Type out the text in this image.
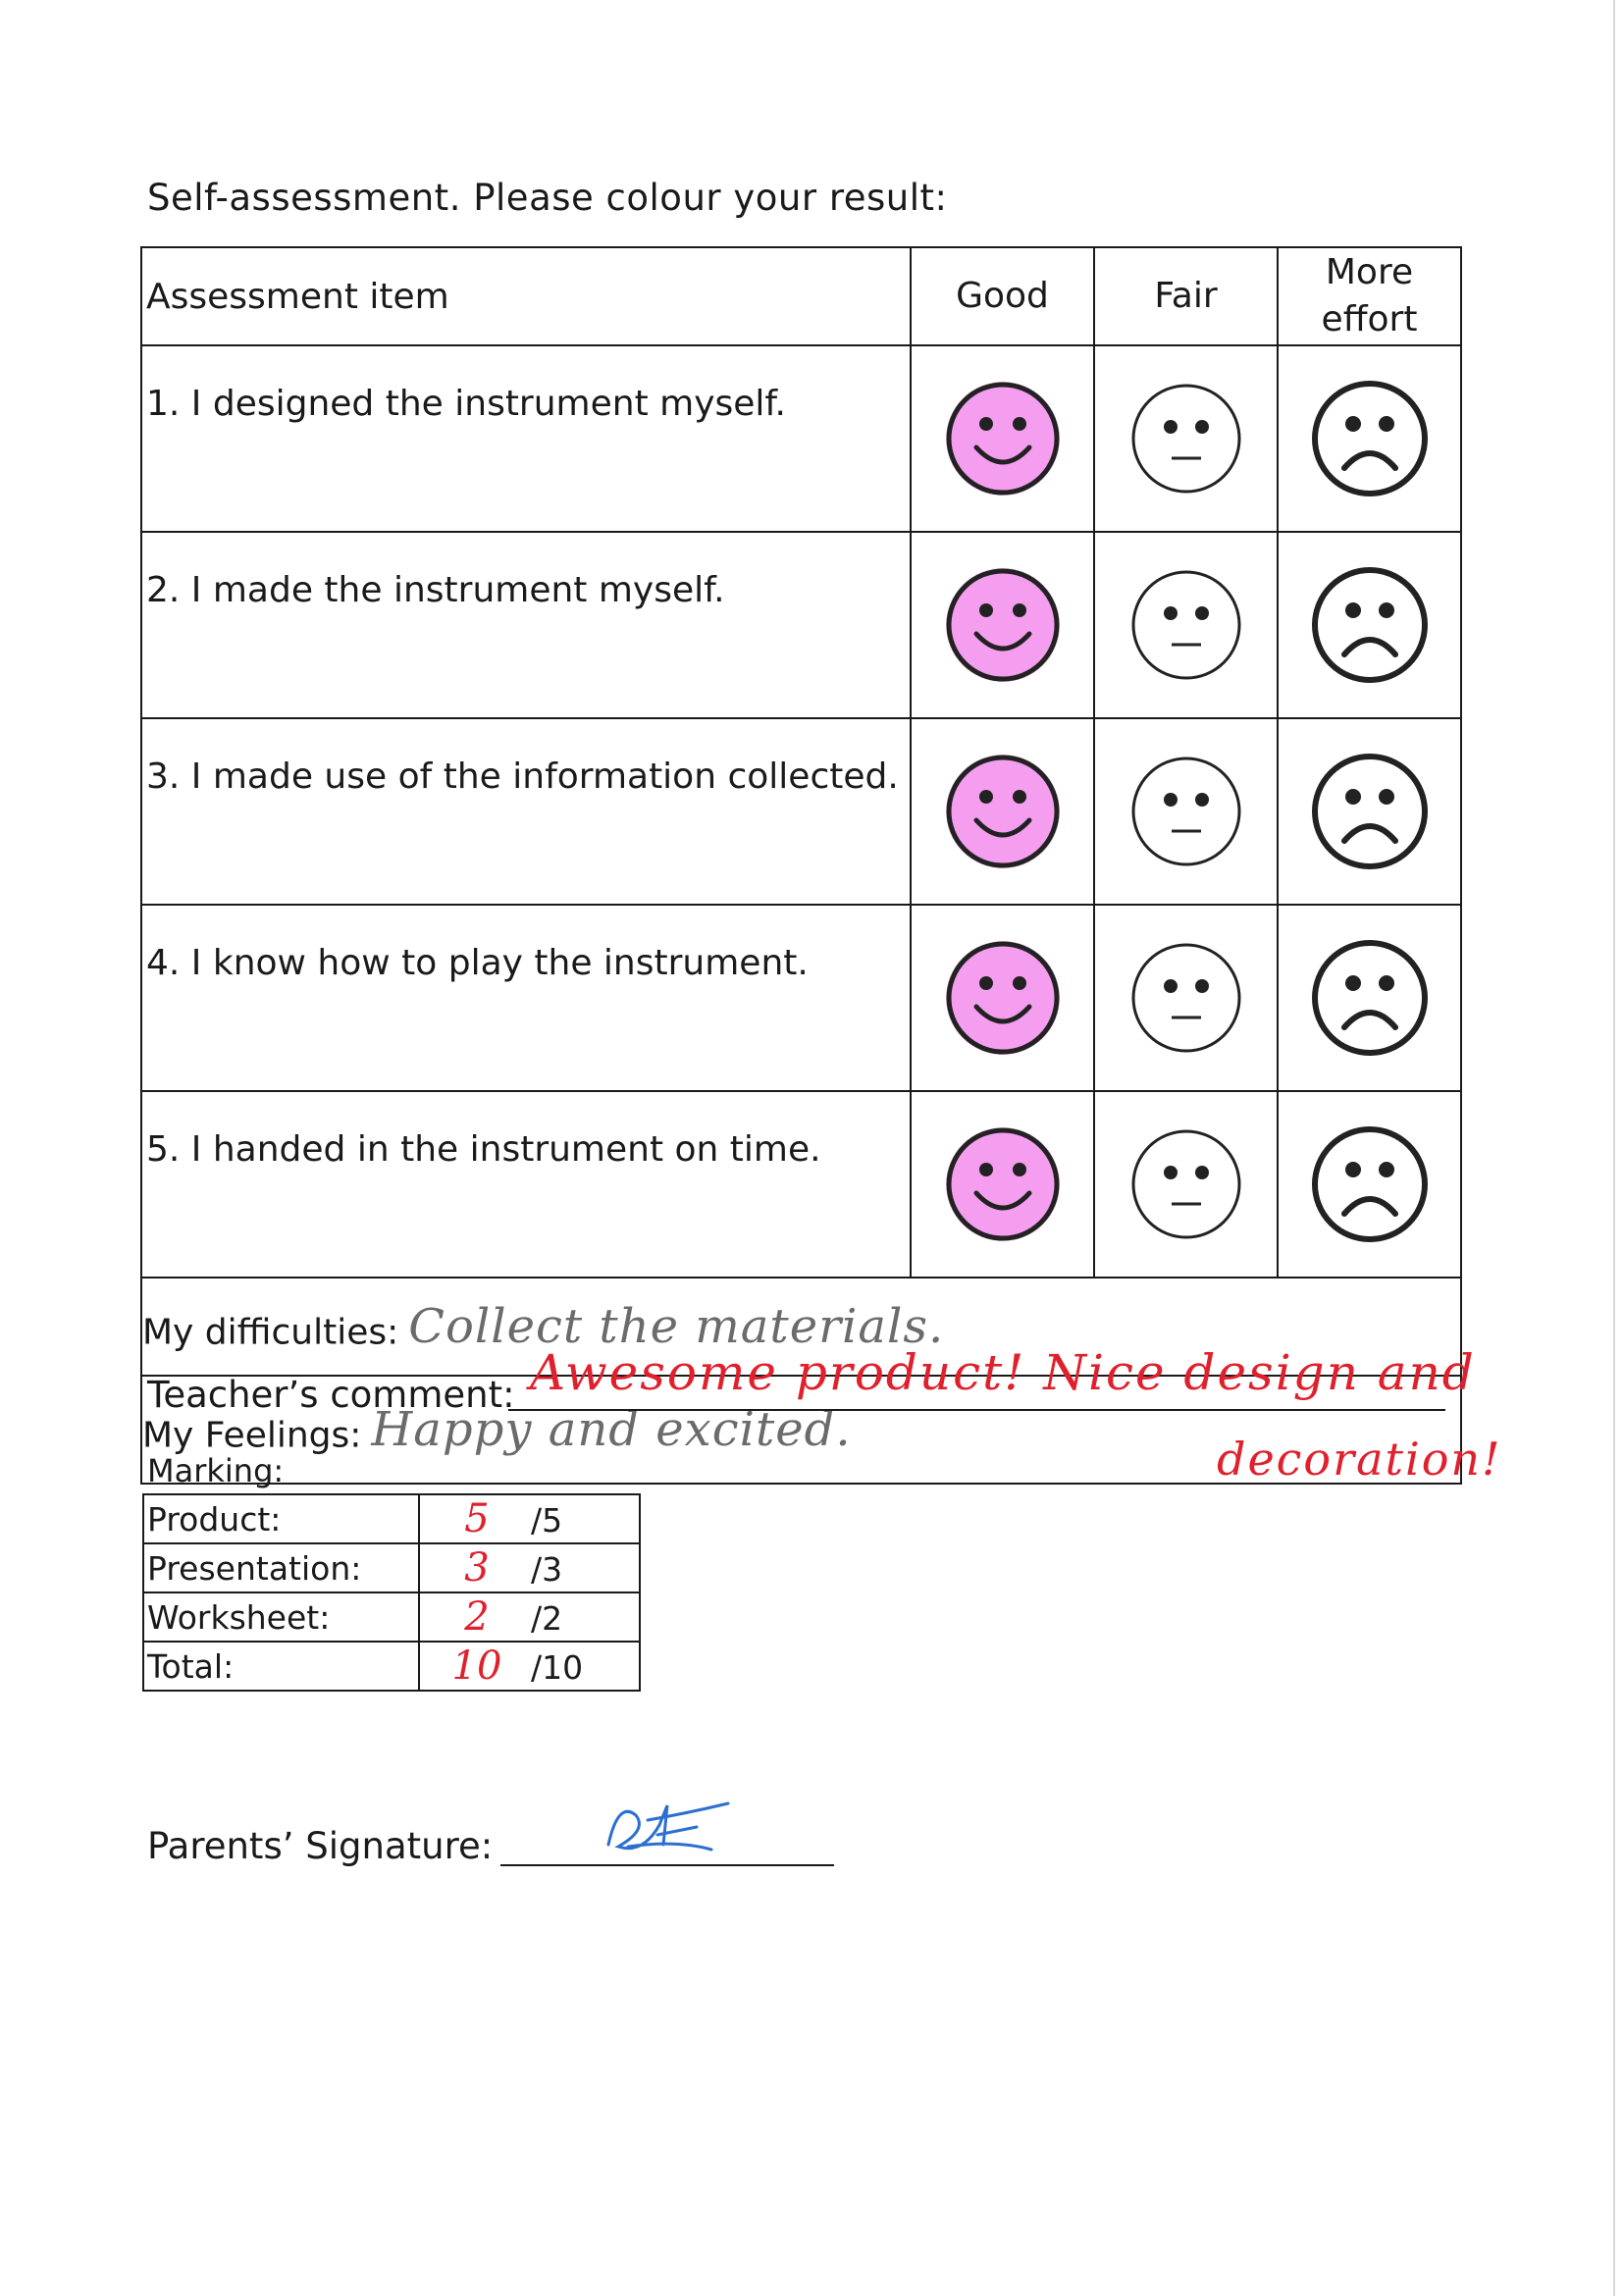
Self-assessment. Please colour your result:
Assessment item	Good	Fair	More
effort
1. I designed the instrument myself.	

2. I made the instrument myself.	

3. I made use of the information collected.	

4. I know how to play the instrument.	

5. I handed in the instrument on time.	

My difficulties: Collect the materials.			
My Feelings: Happy and excited.			
Teacher’s comment: Awesome product! Nice design and
decoration!
Marking:
Product:	5 /5
Presentation:	3 /3
Worksheet:	2 /2
Total:	10 /10
Parents’ Signature:
